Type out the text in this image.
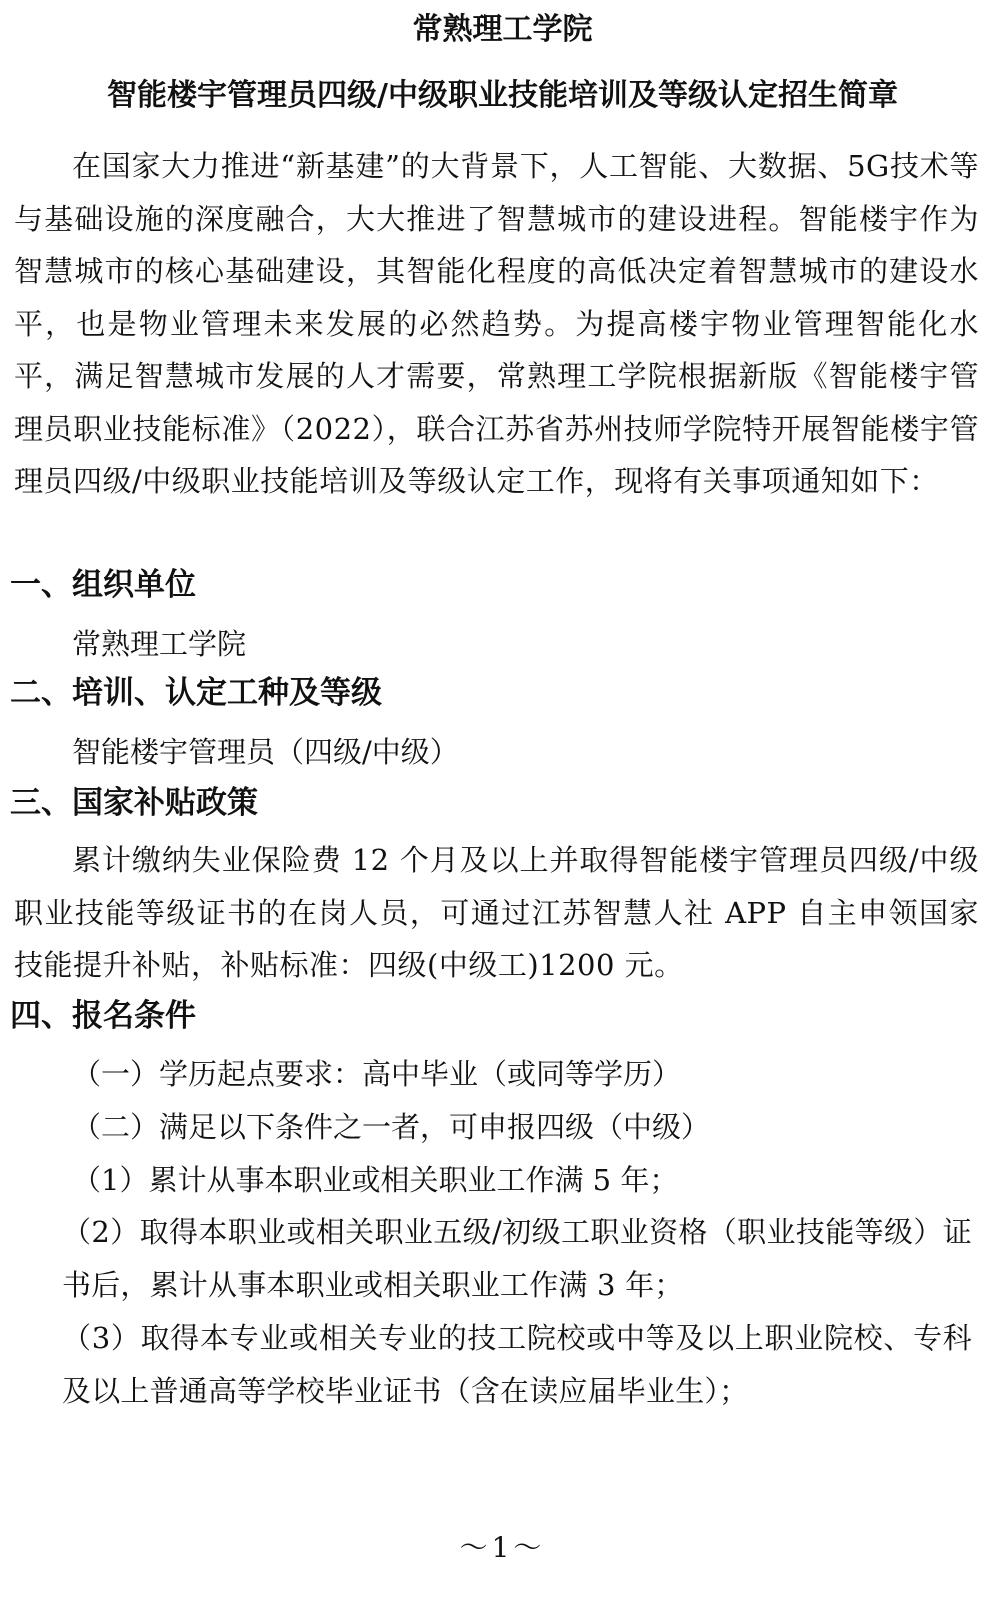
常熟理工学院
智能楼宇管理员四级/中级职业技能培训及等级认定招生简章
在国家大力推进“新基建”的大背景下，人工智能、大数据、5G技术等与基础设施的深度融合，大大推进了智慧城市的建设进程。智能楼宇作为智慧城市的核心基础建设，其智能化程度的高低决定着智慧城市的建设水平，也是物业管理未来发展的必然趋势。为提高楼宇物业管理智能化水平，满足智慧城市发展的人才需要，常熟理工学院根据新版《智能楼宇管理员职业技能标准》（2022），联合江苏省苏州技师学院特开展智能楼宇管理员四级/中级职业技能培训及等级认定工作，现将有关事项通知如下：
一、组织单位
常熟理工学院
二、培训、认定工种及等级
智能楼宇管理员（四级/中级）
三、国家补贴政策
累计缴纳失业保险费 12 个月及以上并取得智能楼宇管理员四级/中级职业技能等级证书的在岗人员，可通过江苏智慧人社 APP 自主申领国家技能提升补贴，补贴标准：四级(中级工)1200 元。
四、报名条件
（一）学历起点要求：高中毕业（或同等学历）
（二）满足以下条件之一者，可申报四级（中级）
（1）累计从事本职业或相关职业工作满 5 年；
（2）取得本职业或相关职业五级/初级工职业资格（职业技能等级）证书后，累计从事本职业或相关职业工作满 3 年；
（3）取得本专业或相关专业的技工院校或中等及以上职业院校、专科及以上普通高等学校毕业证书（含在读应届毕业生）；
～1～
